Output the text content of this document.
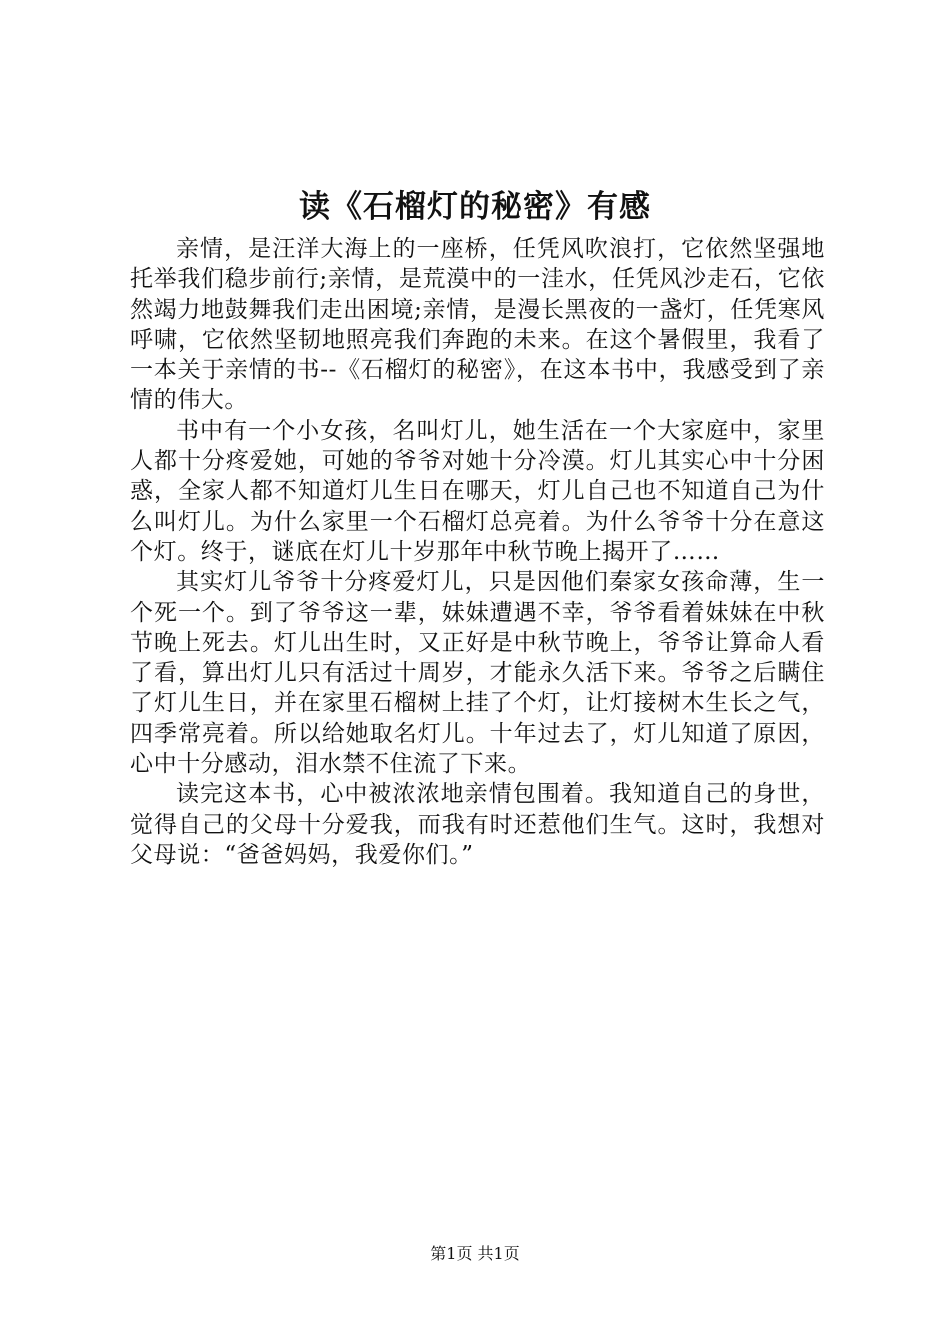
读《石榴灯的秘密》有感

亲情，是汪洋大海上的一座桥，任凭风吹浪打，它依然坚强地托举我们稳步前行;亲情，是荒漠中的一洼水，任凭风沙走石，它依然竭力地鼓舞我们走出困境;亲情，是漫长黑夜的一盏灯，任凭寒风呼啸，它依然坚韧地照亮我们奔跑的未来。在这个暑假里，我看了一本关于亲情的书--《石榴灯的秘密》，在这本书中，我感受到了亲情的伟大。

书中有一个小女孩，名叫灯儿，她生活在一个大家庭中，家里人都十分疼爱她，可她的爷爷对她十分冷漠。灯儿其实心中十分困惑，全家人都不知道灯儿生日在哪天，灯儿自己也不知道自己为什么叫灯儿。为什么家里一个石榴灯总亮着。为什么爷爷十分在意这个灯。终于，谜底在灯儿十岁那年中秋节晚上揭开了……

其实灯儿爷爷十分疼爱灯儿，只是因他们秦家女孩命薄，生一个死一个。到了爷爷这一辈，妹妹遭遇不幸，爷爷看着妹妹在中秋节晚上死去。灯儿出生时，又正好是中秋节晚上，爷爷让算命人看了看，算出灯儿只有活过十周岁，才能永久活下来。爷爷之后瞒住了灯儿生日，并在家里石榴树上挂了个灯，让灯接树木生长之气，四季常亮着。所以给她取名灯儿。十年过去了，灯儿知道了原因，心中十分感动，泪水禁不住流了下来。

读完这本书，心中被浓浓地亲情包围着。我知道自己的身世，觉得自己的父母十分爱我，而我有时还惹他们生气。这时，我想对父母说：“爸爸妈妈，我爱你们。”

第1页 共1页
